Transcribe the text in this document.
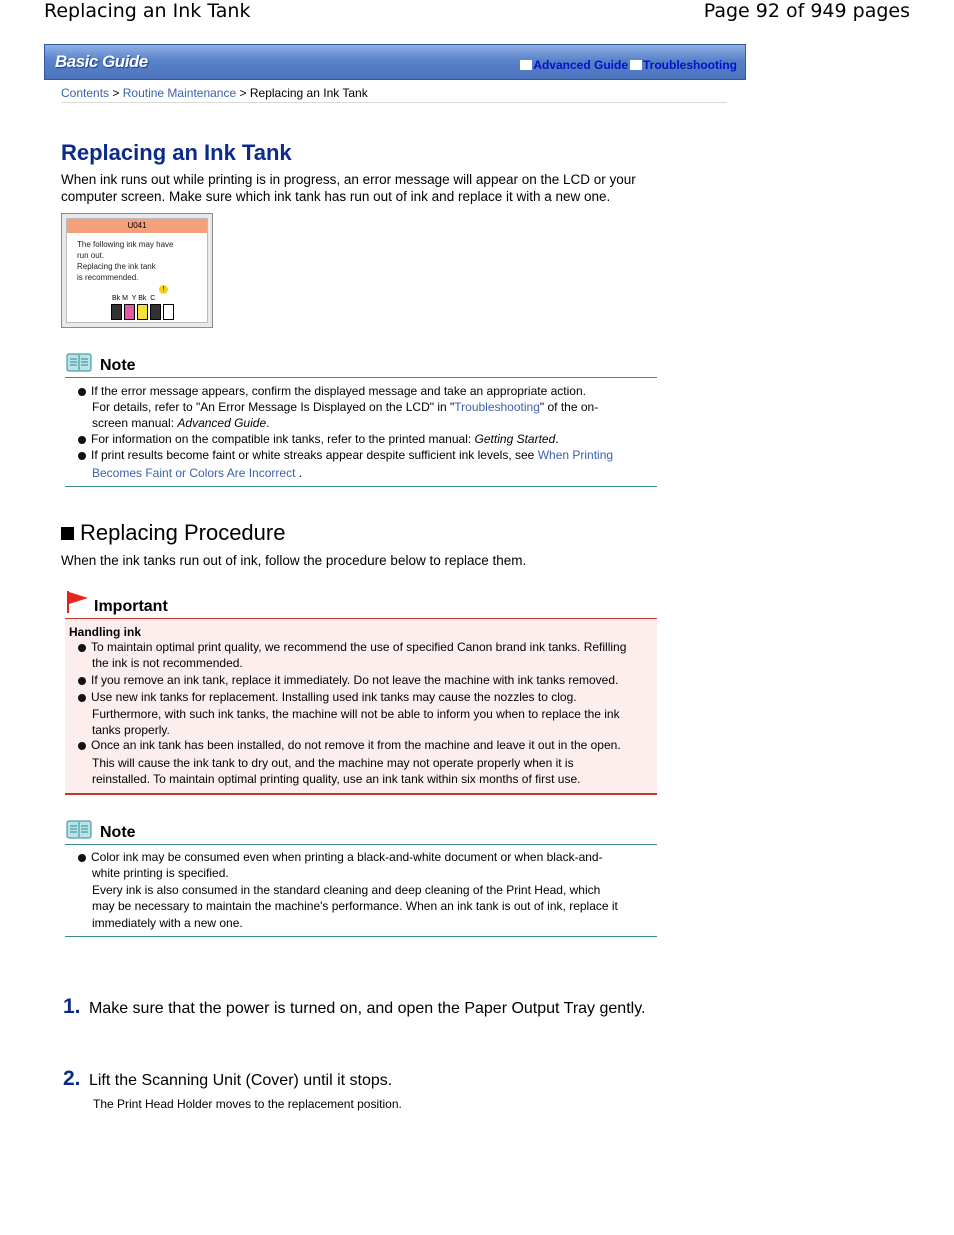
Replacing an Ink Tank	Page 92 of 949 pages
Basic Guide	Advanced Guide Troubleshooting
Contents > Routine Maintenance > Replacing an Ink Tank
Replacing an Ink Tank
When ink runs out while printing is in progress, an error message will appear on the LCD or your
computer screen. Make sure which ink tank has run out of ink and replace it with a new one.
U041
The following ink may have
run out.
Replacing the ink tank
is recommended.
Bk M  Y Bk  C
!
Note
If the error message appears, confirm the displayed message and take an appropriate action.
For details, refer to "An Error Message Is Displayed on the LCD" in "Troubleshooting" of the on-
screen manual: Advanced Guide.
For information on the compatible ink tanks, refer to the printed manual: Getting Started.
If print results become faint or white streaks appear despite sufficient ink levels, see When Printing
Becomes Faint or Colors Are Incorrect .
Replacing Procedure
When the ink tanks run out of ink, follow the procedure below to replace them.
Important
Handling ink
To maintain optimal print quality, we recommend the use of specified Canon brand ink tanks. Refilling
the ink is not recommended.
If you remove an ink tank, replace it immediately. Do not leave the machine with ink tanks removed.
Use new ink tanks for replacement. Installing used ink tanks may cause the nozzles to clog.
Furthermore, with such ink tanks, the machine will not be able to inform you when to replace the ink
tanks properly.
Once an ink tank has been installed, do not remove it from the machine and leave it out in the open.
This will cause the ink tank to dry out, and the machine may not operate properly when it is
reinstalled. To maintain optimal printing quality, use an ink tank within six months of first use.
Note
Color ink may be consumed even when printing a black-and-white document or when black-and-
white printing is specified.
Every ink is also consumed in the standard cleaning and deep cleaning of the Print Head, which
may be necessary to maintain the machine's performance. When an ink tank is out of ink, replace it
immediately with a new one.
1. Make sure that the power is turned on, and open the Paper Output Tray gently.
2. Lift the Scanning Unit (Cover) until it stops.
The Print Head Holder moves to the replacement position.
